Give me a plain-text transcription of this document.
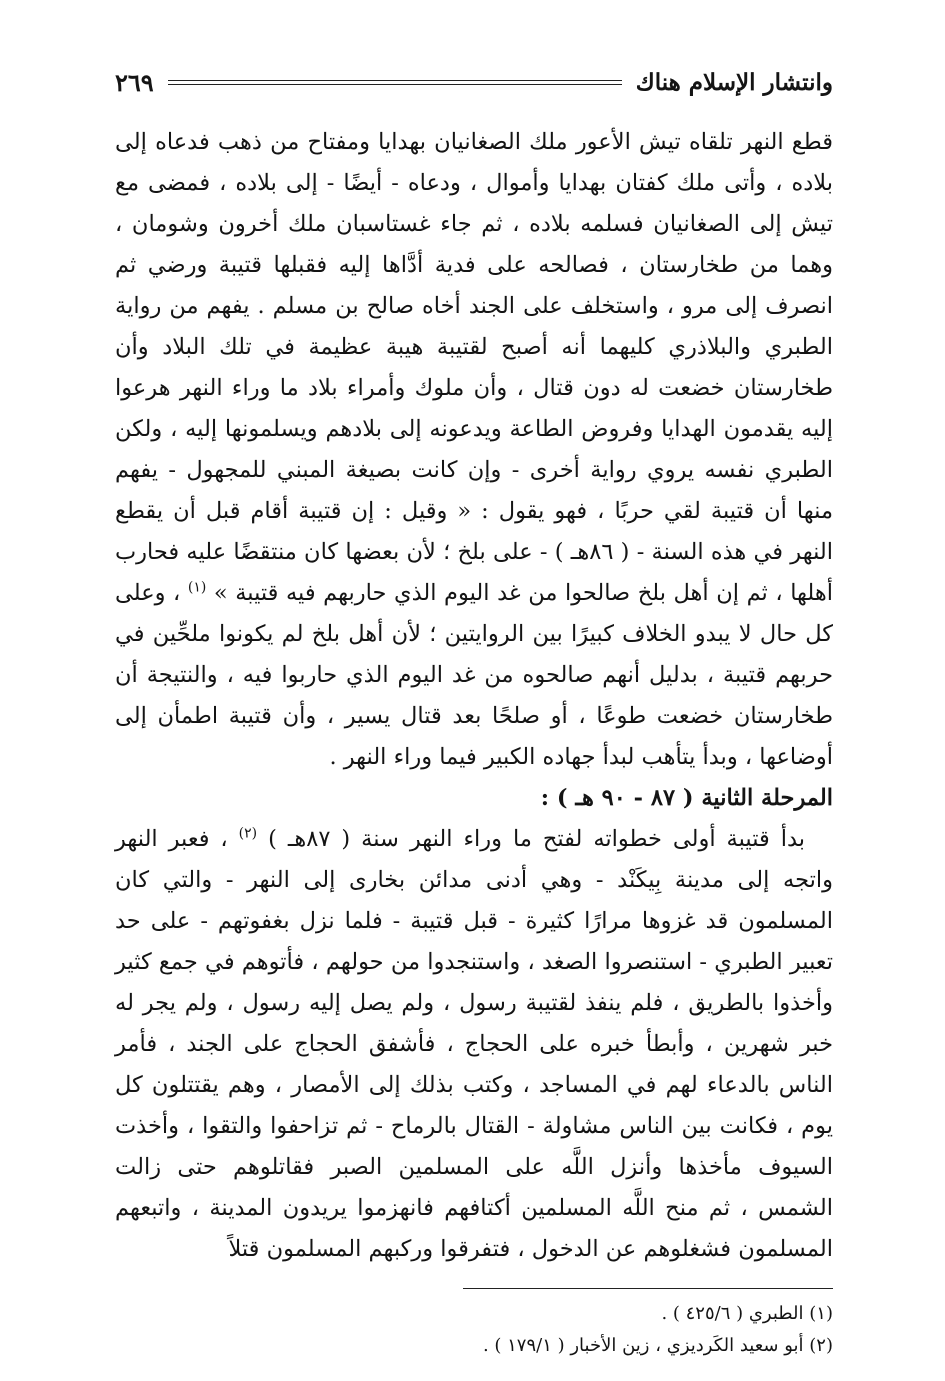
وانتشار الإسلام هناك
٢٦٩

قطع النهر تلقاه تيش الأعور ملك الصغانيان بهدايا ومفتاح من ذهب فدعاه إلى بلاده ، وأتى ملك كفتان بهدايا وأموال ، ودعاه - أيضًا - إلى بلاده ، فمضى مع تيش إلى الصغانيان فسلمه بلاده ، ثم جاء غستاسبان ملك أخرون وشومان ، وهما من طخارستان ، فصالحه على فدية أدَّاها إليه فقبلها قتيبة ورضي ثم انصرف إلى مرو ، واستخلف على الجند أخاه صالح بن مسلم . يفهم من رواية الطبري والبلاذري كليهما أنه أصبح لقتيبة هيبة عظيمة في تلك البلاد وأن طخارستان خضعت له دون قتال ، وأن ملوك وأمراء بلاد ما وراء النهر هرعوا إليه يقدمون الهدايا وفروض الطاعة ويدعونه إلى بلادهم ويسلمونها إليه ، ولكن الطبري نفسه يروي رواية أخرى - وإن كانت بصيغة المبني للمجهول - يفهم منها أن قتيبة لقي حربًا ، فهو يقول : « وقيل : إن قتيبة أقام قبل أن يقطع النهر في هذه السنة - ( ٨٦هـ ) - على بلخ ؛ لأن بعضها كان منتقضًا عليه فحارب أهلها ، ثم إن أهل بلخ صالحوا من غد اليوم الذي حاربهم فيه قتيبة » $^{(١)}$ ، وعلى كل حال لا يبدو الخلاف كبيرًا بين الروايتين ؛ لأن أهل بلخ لم يكونوا ملحِّين في حربهم قتيبة ، بدليل أنهم صالحوه من غد اليوم الذي حاربوا فيه ، والنتيجة أن طخارستان خضعت طوعًا ، أو صلحًا بعد قتال يسير ، وأن قتيبة اطمأن إلى أوضاعها ، وبدأ يتأهب لبدأ جهاده الكبير فيما وراء النهر .

المرحلة الثانية ( ٨٧ - ٩٠ هـ ) :

بدأ قتيبة أولى خطواته لفتح ما وراء النهر سنة ( ٨٧هـ ) $^{(٢)}$ ، فعبر النهر واتجه إلى مدينة بِيكَنْد - وهي أدنى مدائن بخارى إلى النهر - والتي كان المسلمون قد غزوها مرارًا كثيرة - قبل قتيبة - فلما نزل بغفوتهم - على حد تعبير الطبري - استنصروا الصغد ، واستنجدوا من حولهم ، فأتوهم في جمع كثير وأخذوا بالطريق ، فلم ينفذ لقتيبة رسول ، ولم يصل إليه رسول ، ولم يجر له خبر شهرين ، وأبطأ خبره على الحجاج ، فأشفق الحجاج على الجند ، فأمر الناس بالدعاء لهم في المساجد ، وكتب بذلك إلى الأمصار ، وهم يقتتلون كل يوم ، فكانت بين الناس مشاولة - القتال بالرماح - ثم تزاحفوا والتقوا ، وأخذت السيوف مأخذها وأنزل اللَّه على المسلمين الصبر فقاتلوهم حتى زالت الشمس ، ثم منح اللَّه المسلمين أكتافهم فانهزموا يريدون المدينة ، واتبعهم المسلمون فشغلوهم عن الدخول ، فتفرقوا وركبهم المسلمون قتلاً

(١) الطبري ( ٤٢٥/٦ ) .

(٢) أبو سعيد الكَرديزي ، زين الأخبار ( ١٧٩/١ ) .
